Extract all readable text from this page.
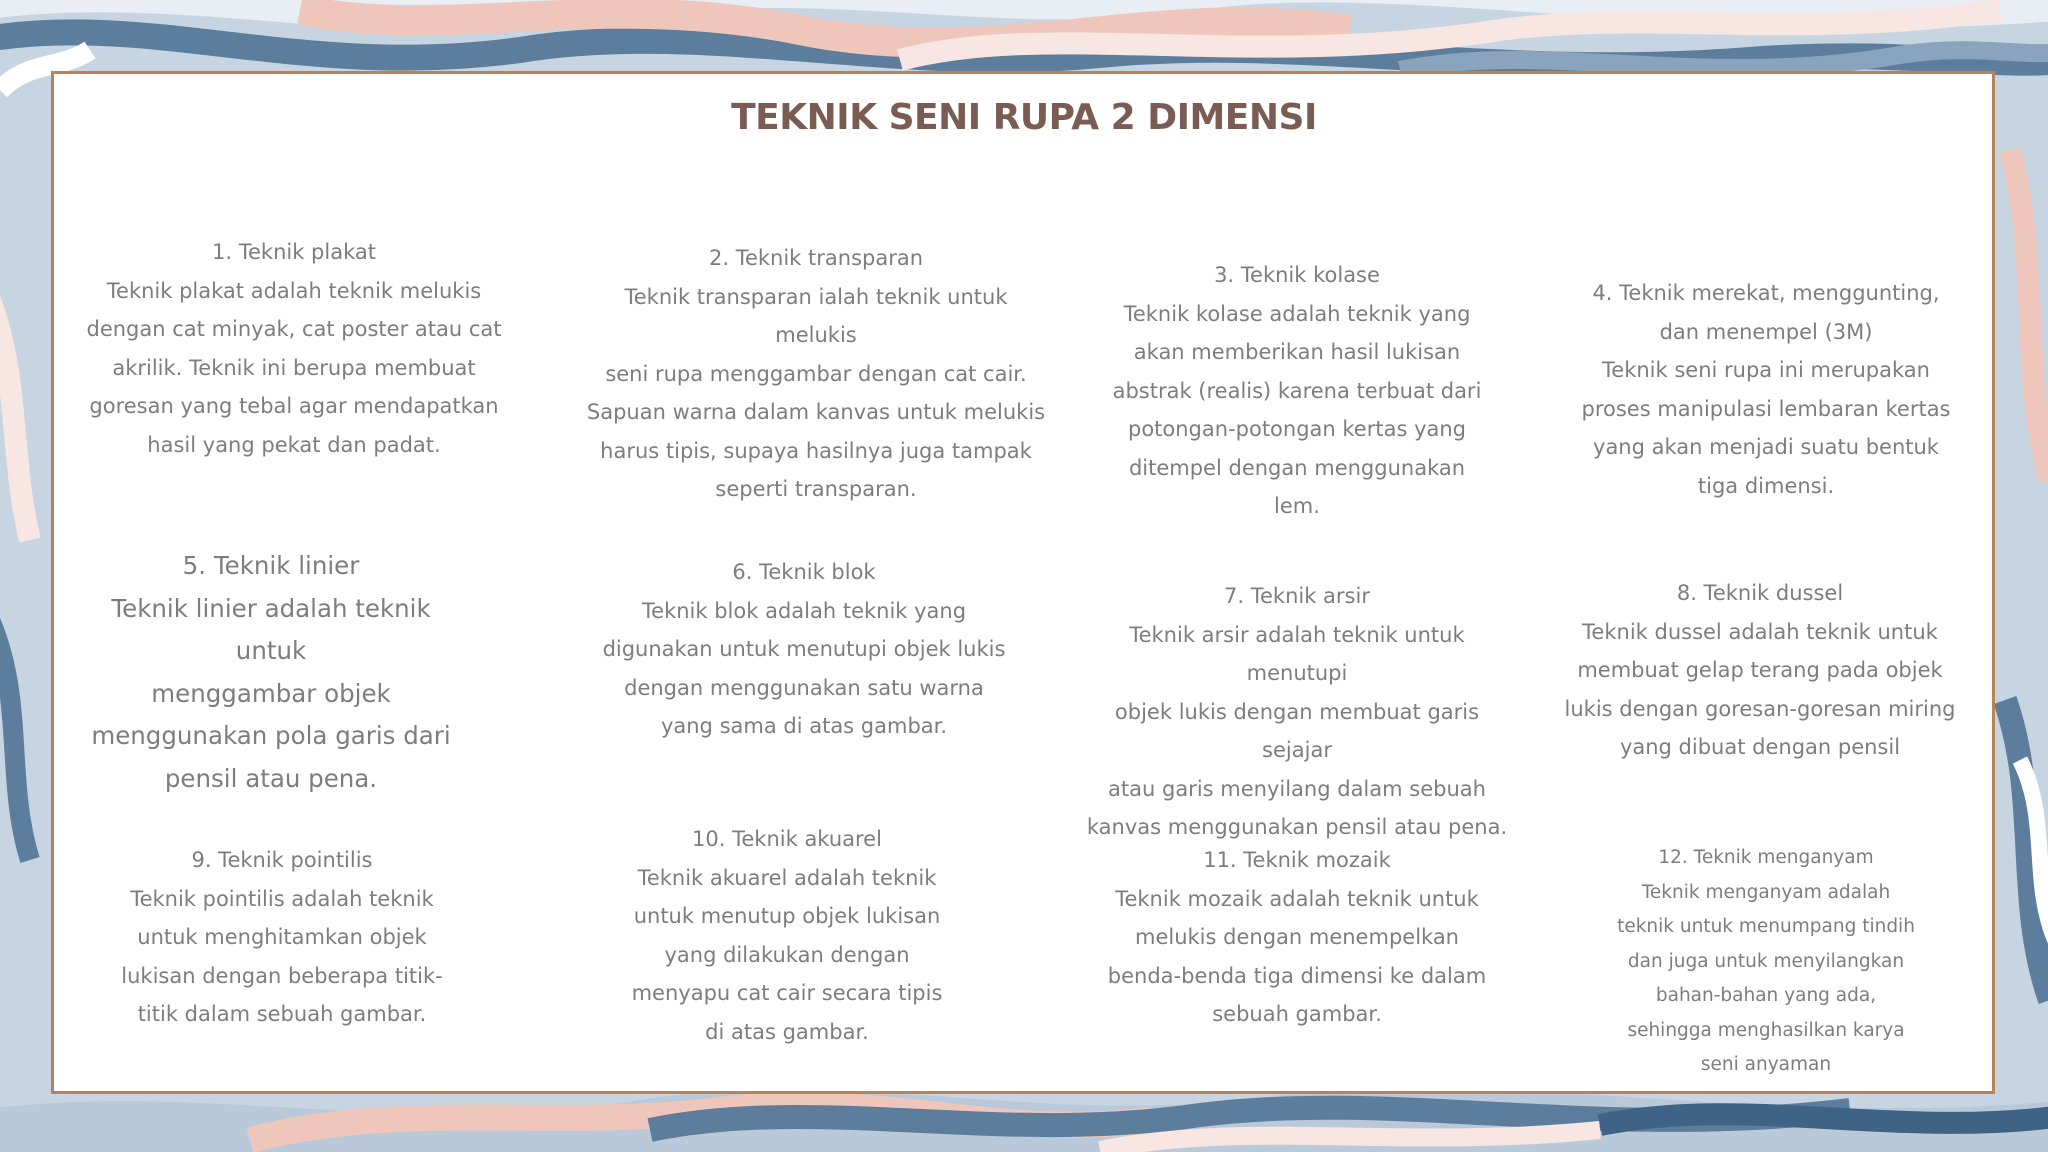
TEKNIK SENI RUPA 2 DIMENSI
1. Teknik plakat
Teknik plakat adalah teknik melukis
dengan cat minyak, cat poster atau cat
akrilik. Teknik ini berupa membuat
goresan yang tebal agar mendapatkan
hasil yang pekat dan padat.
2. Teknik transparan
Teknik transparan ialah teknik untuk melukis
seni rupa menggambar dengan cat cair.
Sapuan warna dalam kanvas untuk melukis
harus tipis, supaya hasilnya juga tampak
seperti transparan.
3. Teknik kolase
Teknik kolase adalah teknik yang
akan memberikan hasil lukisan
abstrak (realis) karena terbuat dari
potongan-potongan kertas yang
ditempel dengan menggunakan
lem.
4. Teknik merekat, menggunting,
dan menempel (3M)
Teknik seni rupa ini merupakan
proses manipulasi lembaran kertas
yang akan menjadi suatu bentuk
tiga dimensi.
5. Teknik linier
Teknik linier adalah teknik untuk
menggambar objek
menggunakan pola garis dari
pensil atau pena.
6. Teknik blok
Teknik blok adalah teknik yang
digunakan untuk menutupi objek lukis
dengan menggunakan satu warna
yang sama di atas gambar.
7. Teknik arsir
Teknik arsir adalah teknik untuk menutupi
objek lukis dengan membuat garis sejajar
atau garis menyilang dalam sebuah
kanvas menggunakan pensil atau pena.
8. Teknik dussel
Teknik dussel adalah teknik untuk
membuat gelap terang pada objek
lukis dengan goresan-goresan miring
yang dibuat dengan pensil
9. Teknik pointilis
Teknik pointilis adalah teknik
untuk menghitamkan objek
lukisan dengan beberapa titik-
titik dalam sebuah gambar.
10. Teknik akuarel
Teknik akuarel adalah teknik
untuk menutup objek lukisan
yang dilakukan dengan
menyapu cat cair secara tipis
di atas gambar.
11. Teknik mozaik
Teknik mozaik adalah teknik untuk
melukis dengan menempelkan
benda-benda tiga dimensi ke dalam
sebuah gambar.
12. Teknik menganyam
Teknik menganyam adalah
teknik untuk menumpang tindih
dan juga untuk menyilangkan
bahan-bahan yang ada,
sehingga menghasilkan karya
seni anyaman
